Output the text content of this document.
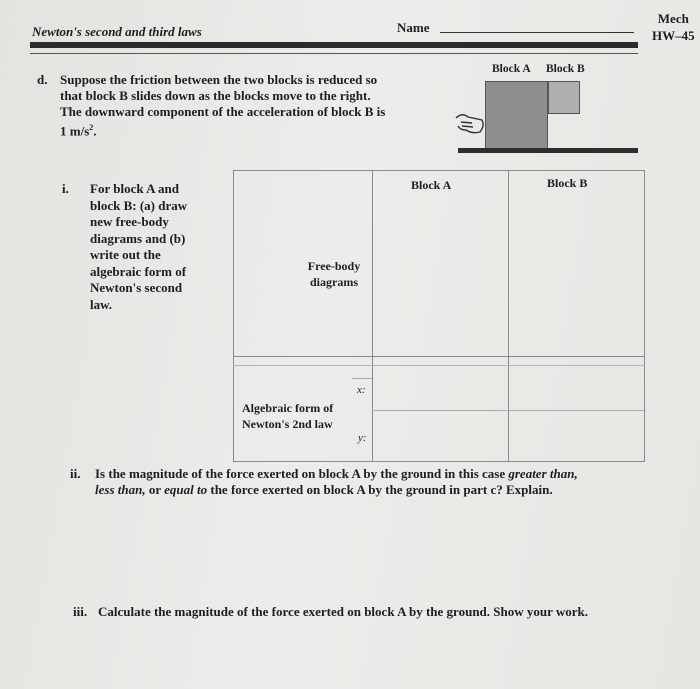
Newton's second and third laws	Name
Mech
HW–45
d. Suppose the friction between the two blocks is reduced so
that block B slides down as the blocks move to the right.
The downward component of the acceleration of block B is
1 $m/s^2$.
Block A Block B
i. For block A and
block B: (a) draw
new free-body
diagrams and (b)
write out the
algebraic form of
Newton's second
law.
Block A	Block B
Free-body
diagrams
Algebraic form of
Newton's 2nd law
x:
y:
ii. Is the magnitude of the force exerted on block A by the ground in this case greater than,
less than, or equal to the force exerted on block A by the ground in part c? Explain.
iii. Calculate the magnitude of the force exerted on block A by the ground. Show your work.
